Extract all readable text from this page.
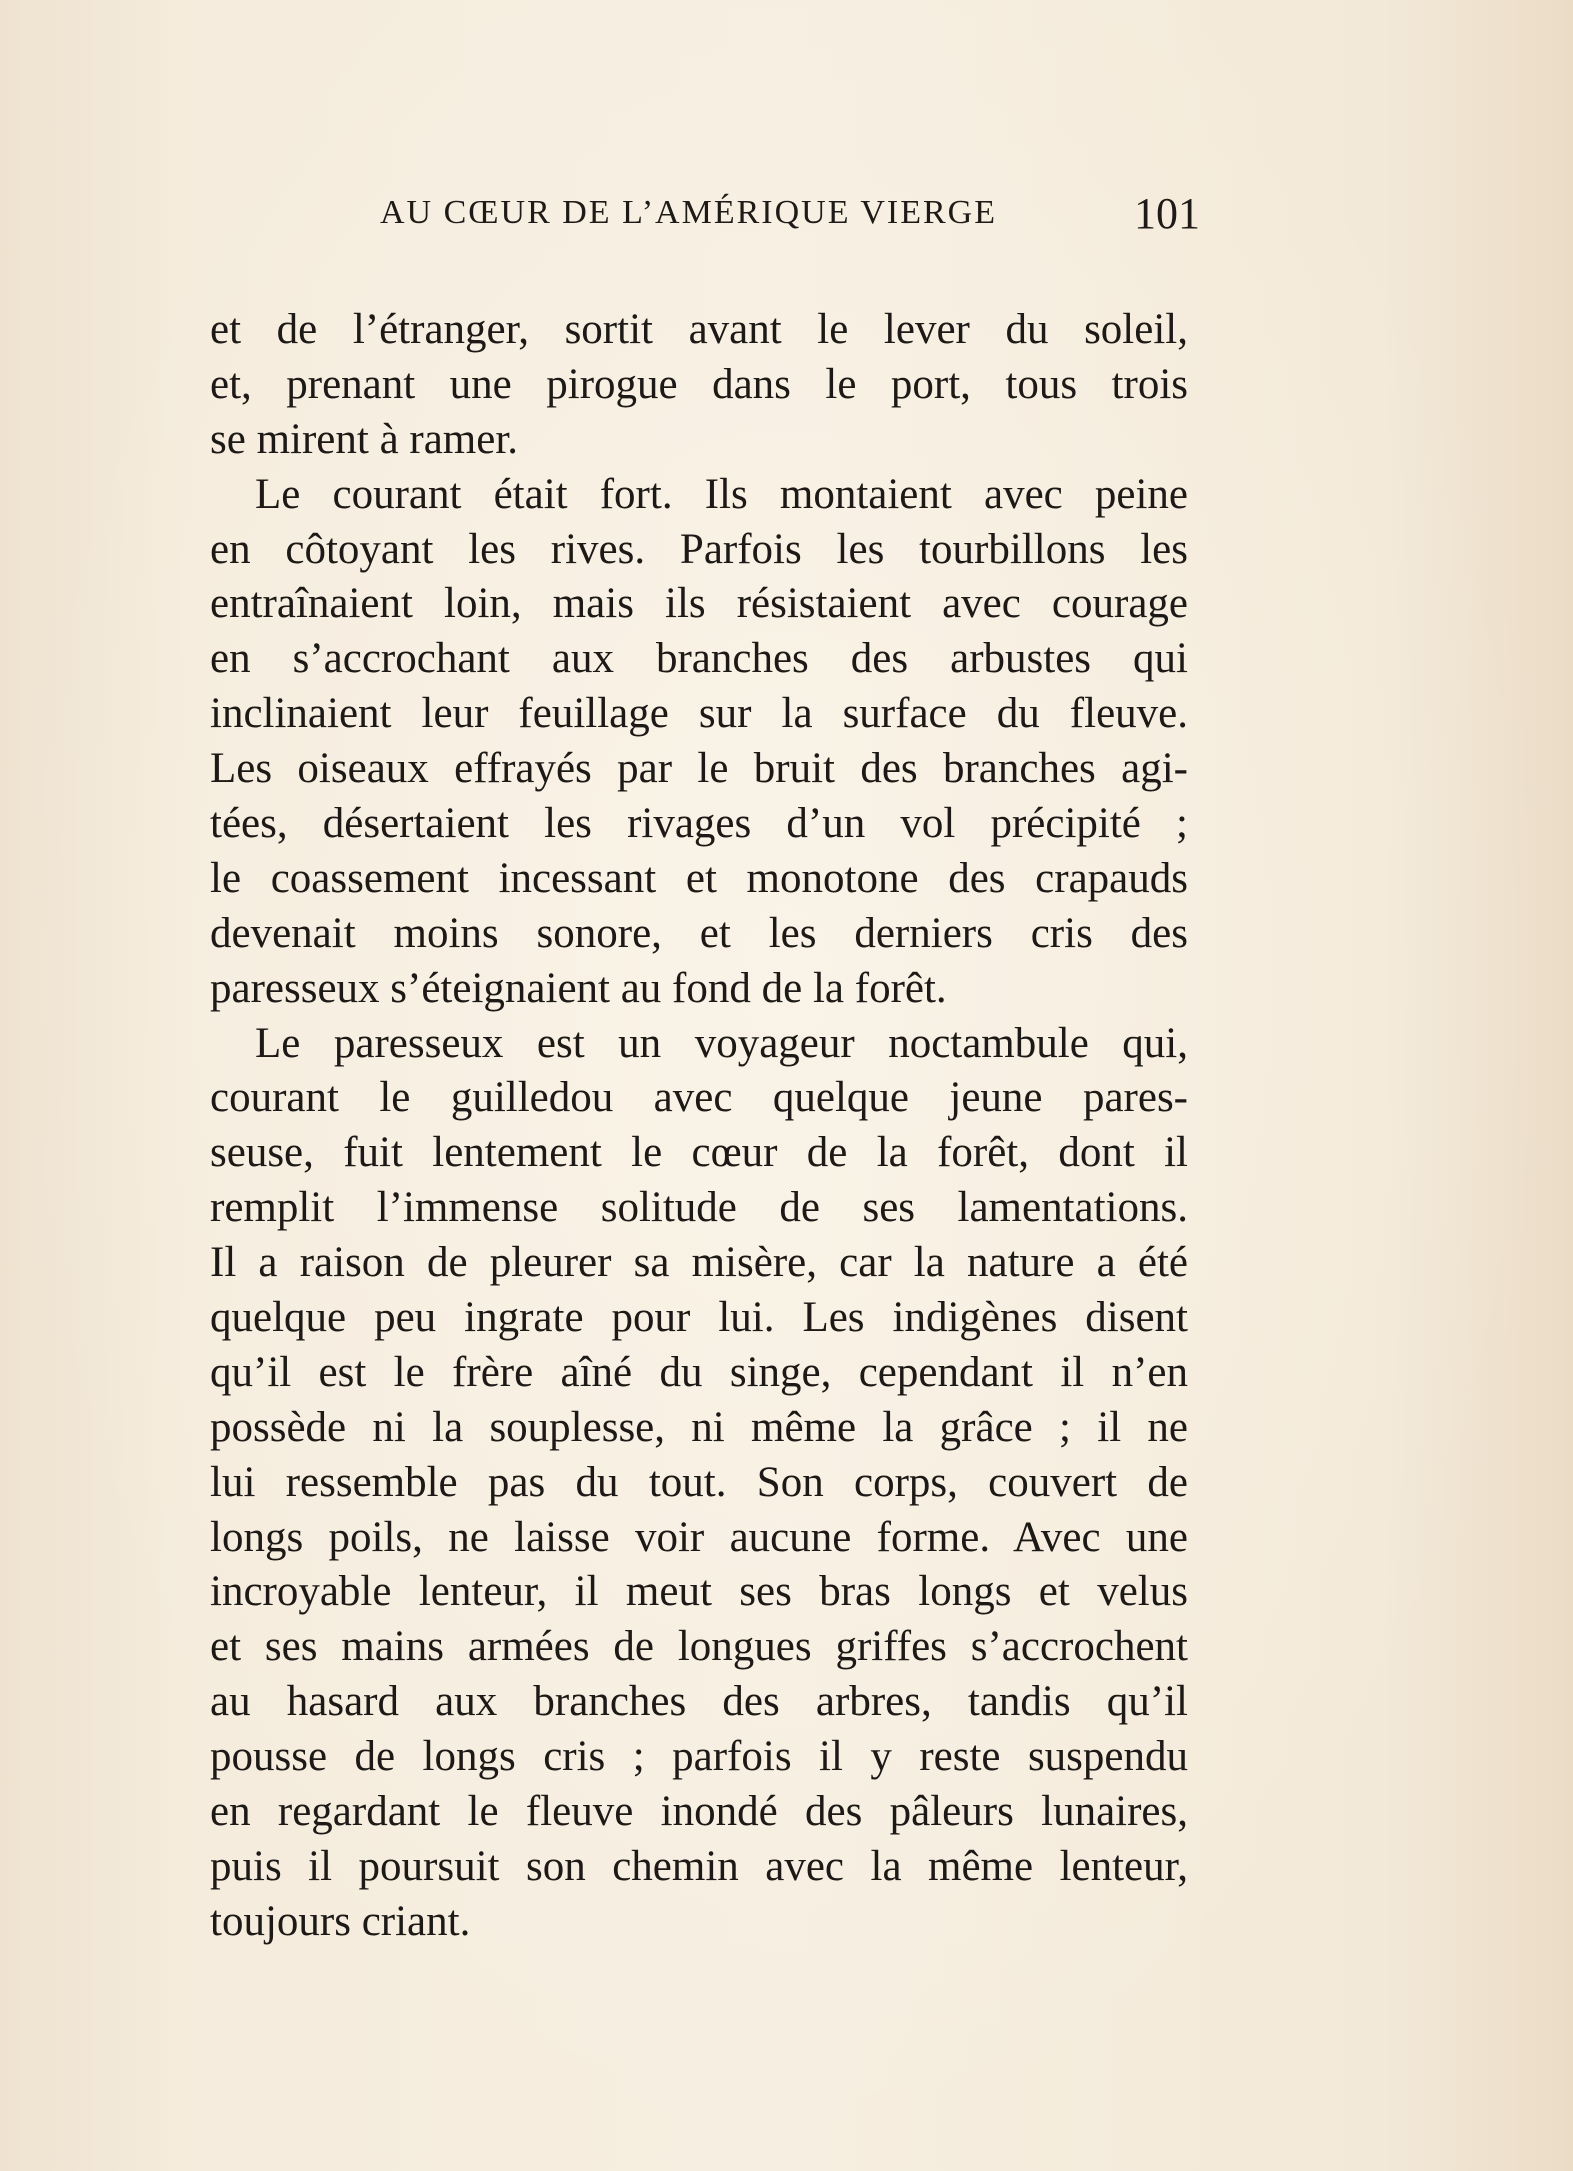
AU CŒUR DE L’AMÉRIQUE VIERGE	101
et de l’étranger, sortit avant le lever du soleil,
et, prenant une pirogue dans le port, tous trois
se mirent à ramer.
Le courant était fort. Ils montaient avec peine
en côtoyant les rives. Parfois les tourbillons les
entraînaient loin, mais ils résistaient avec courage
en s’accrochant aux branches des arbustes qui
inclinaient leur feuillage sur la surface du fleuve.
Les oiseaux effrayés par le bruit des branches agi-
tées, désertaient les rivages d’un vol précipité ;
le coassement incessant et monotone des crapauds
devenait moins sonore, et les derniers cris des
paresseux s’éteignaient au fond de la forêt.
Le paresseux est un voyageur noctambule qui,
courant le guilledou avec quelque jeune pares-
seuse, fuit lentement le cœur de la forêt, dont il
remplit l’immense solitude de ses lamentations.
Il a raison de pleurer sa misère, car la nature a été
quelque peu ingrate pour lui. Les indigènes disent
qu’il est le frère aîné du singe, cependant il n’en
possède ni la souplesse, ni même la grâce ; il ne
lui ressemble pas du tout. Son corps, couvert de
longs poils, ne laisse voir aucune forme. Avec une
incroyable lenteur, il meut ses bras longs et velus
et ses mains armées de longues griffes s’accrochent
au hasard aux branches des arbres, tandis qu’il
pousse de longs cris ; parfois il y reste suspendu
en regardant le fleuve inondé des pâleurs lunaires,
puis il poursuit son chemin avec la même lenteur,
toujours criant.
